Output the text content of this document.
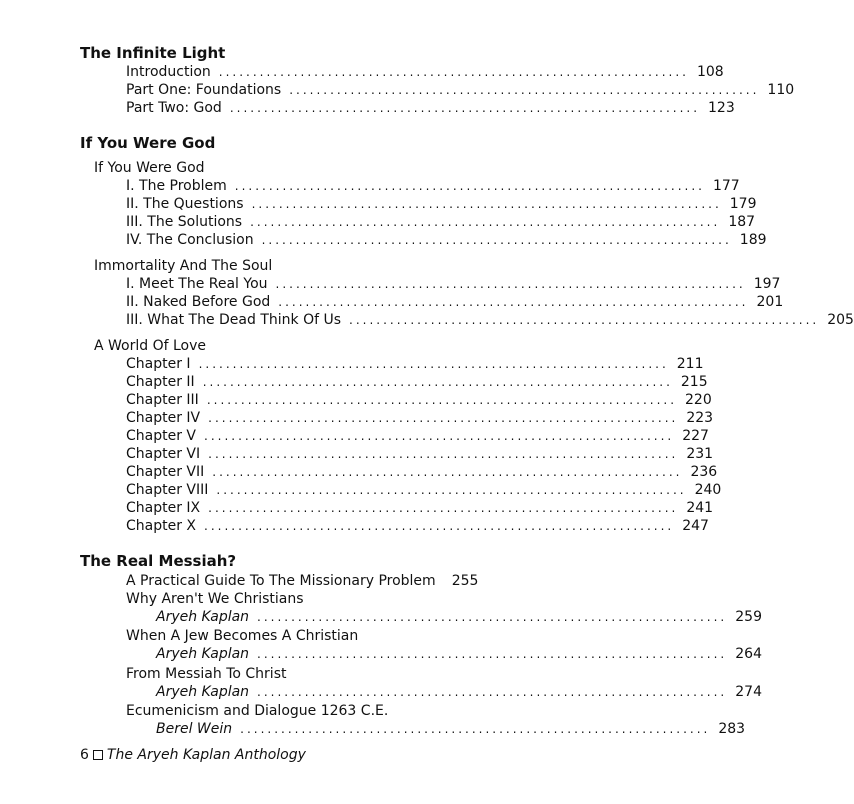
The Infinite Light
Introduction ..................................................................... 108
Part One: Foundations ..................................................................... 110
Part Two: God ..................................................................... 123
If You Were God
If You Were God
I. The Problem ..................................................................... 177
II. The Questions ..................................................................... 179
III. The Solutions ..................................................................... 187
IV. The Conclusion ..................................................................... 189
Immortality And The Soul
I. Meet The Real You ..................................................................... 197
II. Naked Before God ..................................................................... 201
III. What The Dead Think Of Us ..................................................................... 205
A World Of Love
Chapter I ..................................................................... 211
Chapter II ..................................................................... 215
Chapter III ..................................................................... 220
Chapter IV ..................................................................... 223
Chapter V ..................................................................... 227
Chapter VI ..................................................................... 231
Chapter VII ..................................................................... 236
Chapter VIII ..................................................................... 240
Chapter IX ..................................................................... 241
Chapter X ..................................................................... 247
The Real Messiah?
A Practical Guide To The Missionary Problem 255
Why Aren't We Christians
Aryeh Kaplan ..................................................................... 259
When A Jew Becomes A Christian
Aryeh Kaplan ..................................................................... 264
From Messiah To Christ
Aryeh Kaplan ..................................................................... 274
Ecumenicism and Dialogue 1263 C.E.
Berel Wein ..................................................................... 283
6 The Aryeh Kaplan Anthology
